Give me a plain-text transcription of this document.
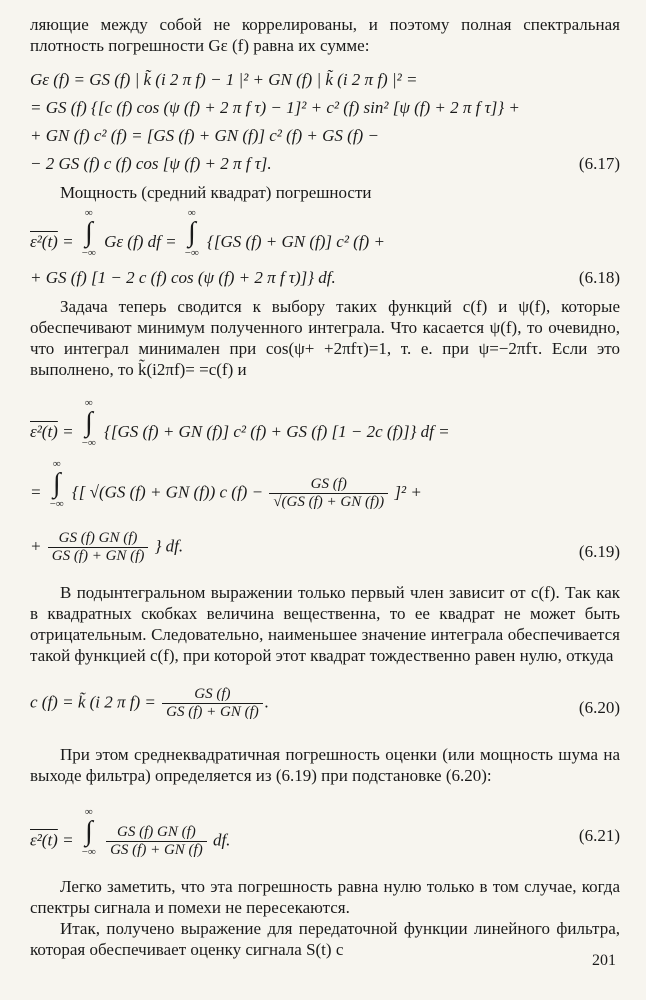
ляющие между собой не коррелированы, и поэтому полная спектральная плотность погрешности Gε (f) равна их сумме:
Gε (f) = GS (f) | k̃ (i 2 π f) − 1 |² + GN (f) | k̃ (i 2 π f) |² =
= GS (f) {[c (f) cos (ψ (f) + 2 π f τ) − 1]² + c² (f) sin² [ψ (f) + 2 π f τ]} +
+ GN (f) c² (f) = [GS (f) + GN (f)] c² (f) + GS (f) −
− 2 GS (f) c (f) cos [ψ (f) + 2 π f τ].	(6.17)
Мощность (средний квадрат) погрешности
ε²(t) =
∞
∫
−∞
Gε (f) df =
∞
∫
−∞
{[GS (f) + GN (f)] c² (f) +
+ GS (f) [1 − 2 c (f) cos (ψ (f) + 2 π f τ)]} df.	(6.18)
Задача теперь сводится к выбору таких функций c(f) и ψ(f), которые обеспечивают минимум полученного интеграла. Что касается ψ(f), то очевидно, что интеграл минимален при cos(ψ+ +2πfτ)=1, т. е. при ψ=−2πfτ. Если это выполнено, то k̃(i2πf)= =c(f) и
ε²(t) =
∞
∫
−∞
{[GS (f) + GN (f)] c² (f) + GS (f) [1 − 2c (f)]} df =
=
∞
∫
−∞
{[ √(GS (f) + GN (f)) c $(f) - \frac{GS (f)}{√(GS (f) + GN (f))} ]^2$ +
+ $\frac{GS (f) GN (f)}{GS (f) + GN (f)}$ } df.	(6.19)
В подынтегральном выражении только первый член зависит от c(f). Так как в квадратных скобках величина вещественна, то ее квадрат не может быть отрицательным. Следовательно, наименьшее значение интеграла обеспечивается такой функцией c(f), при которой этот квадрат тождественно равен нулю, откуда
c (f) = k̃ (i 2 π $f) = \frac{GS (f)}{GS (f) + GN (f)}$ .	(6.20)
При этом среднеквадратичная погрешность оценки (или мощность шума на выходе фильтра) определяется из (6.19) при подстановке (6.20):
ε²(t) =
∞
∫
−∞
$\frac{GS (f) GN (f)}{GS (f) + GN (f)}$ df.	(6.21)
Легко заметить, что эта погрешность равна нулю только в том случае, когда спектры сигнала и помехи не пересекаются.
Итак, получено выражение для передаточной функции линейного фильтра, которая обеспечивает оценку сигнала S(t) с
201
